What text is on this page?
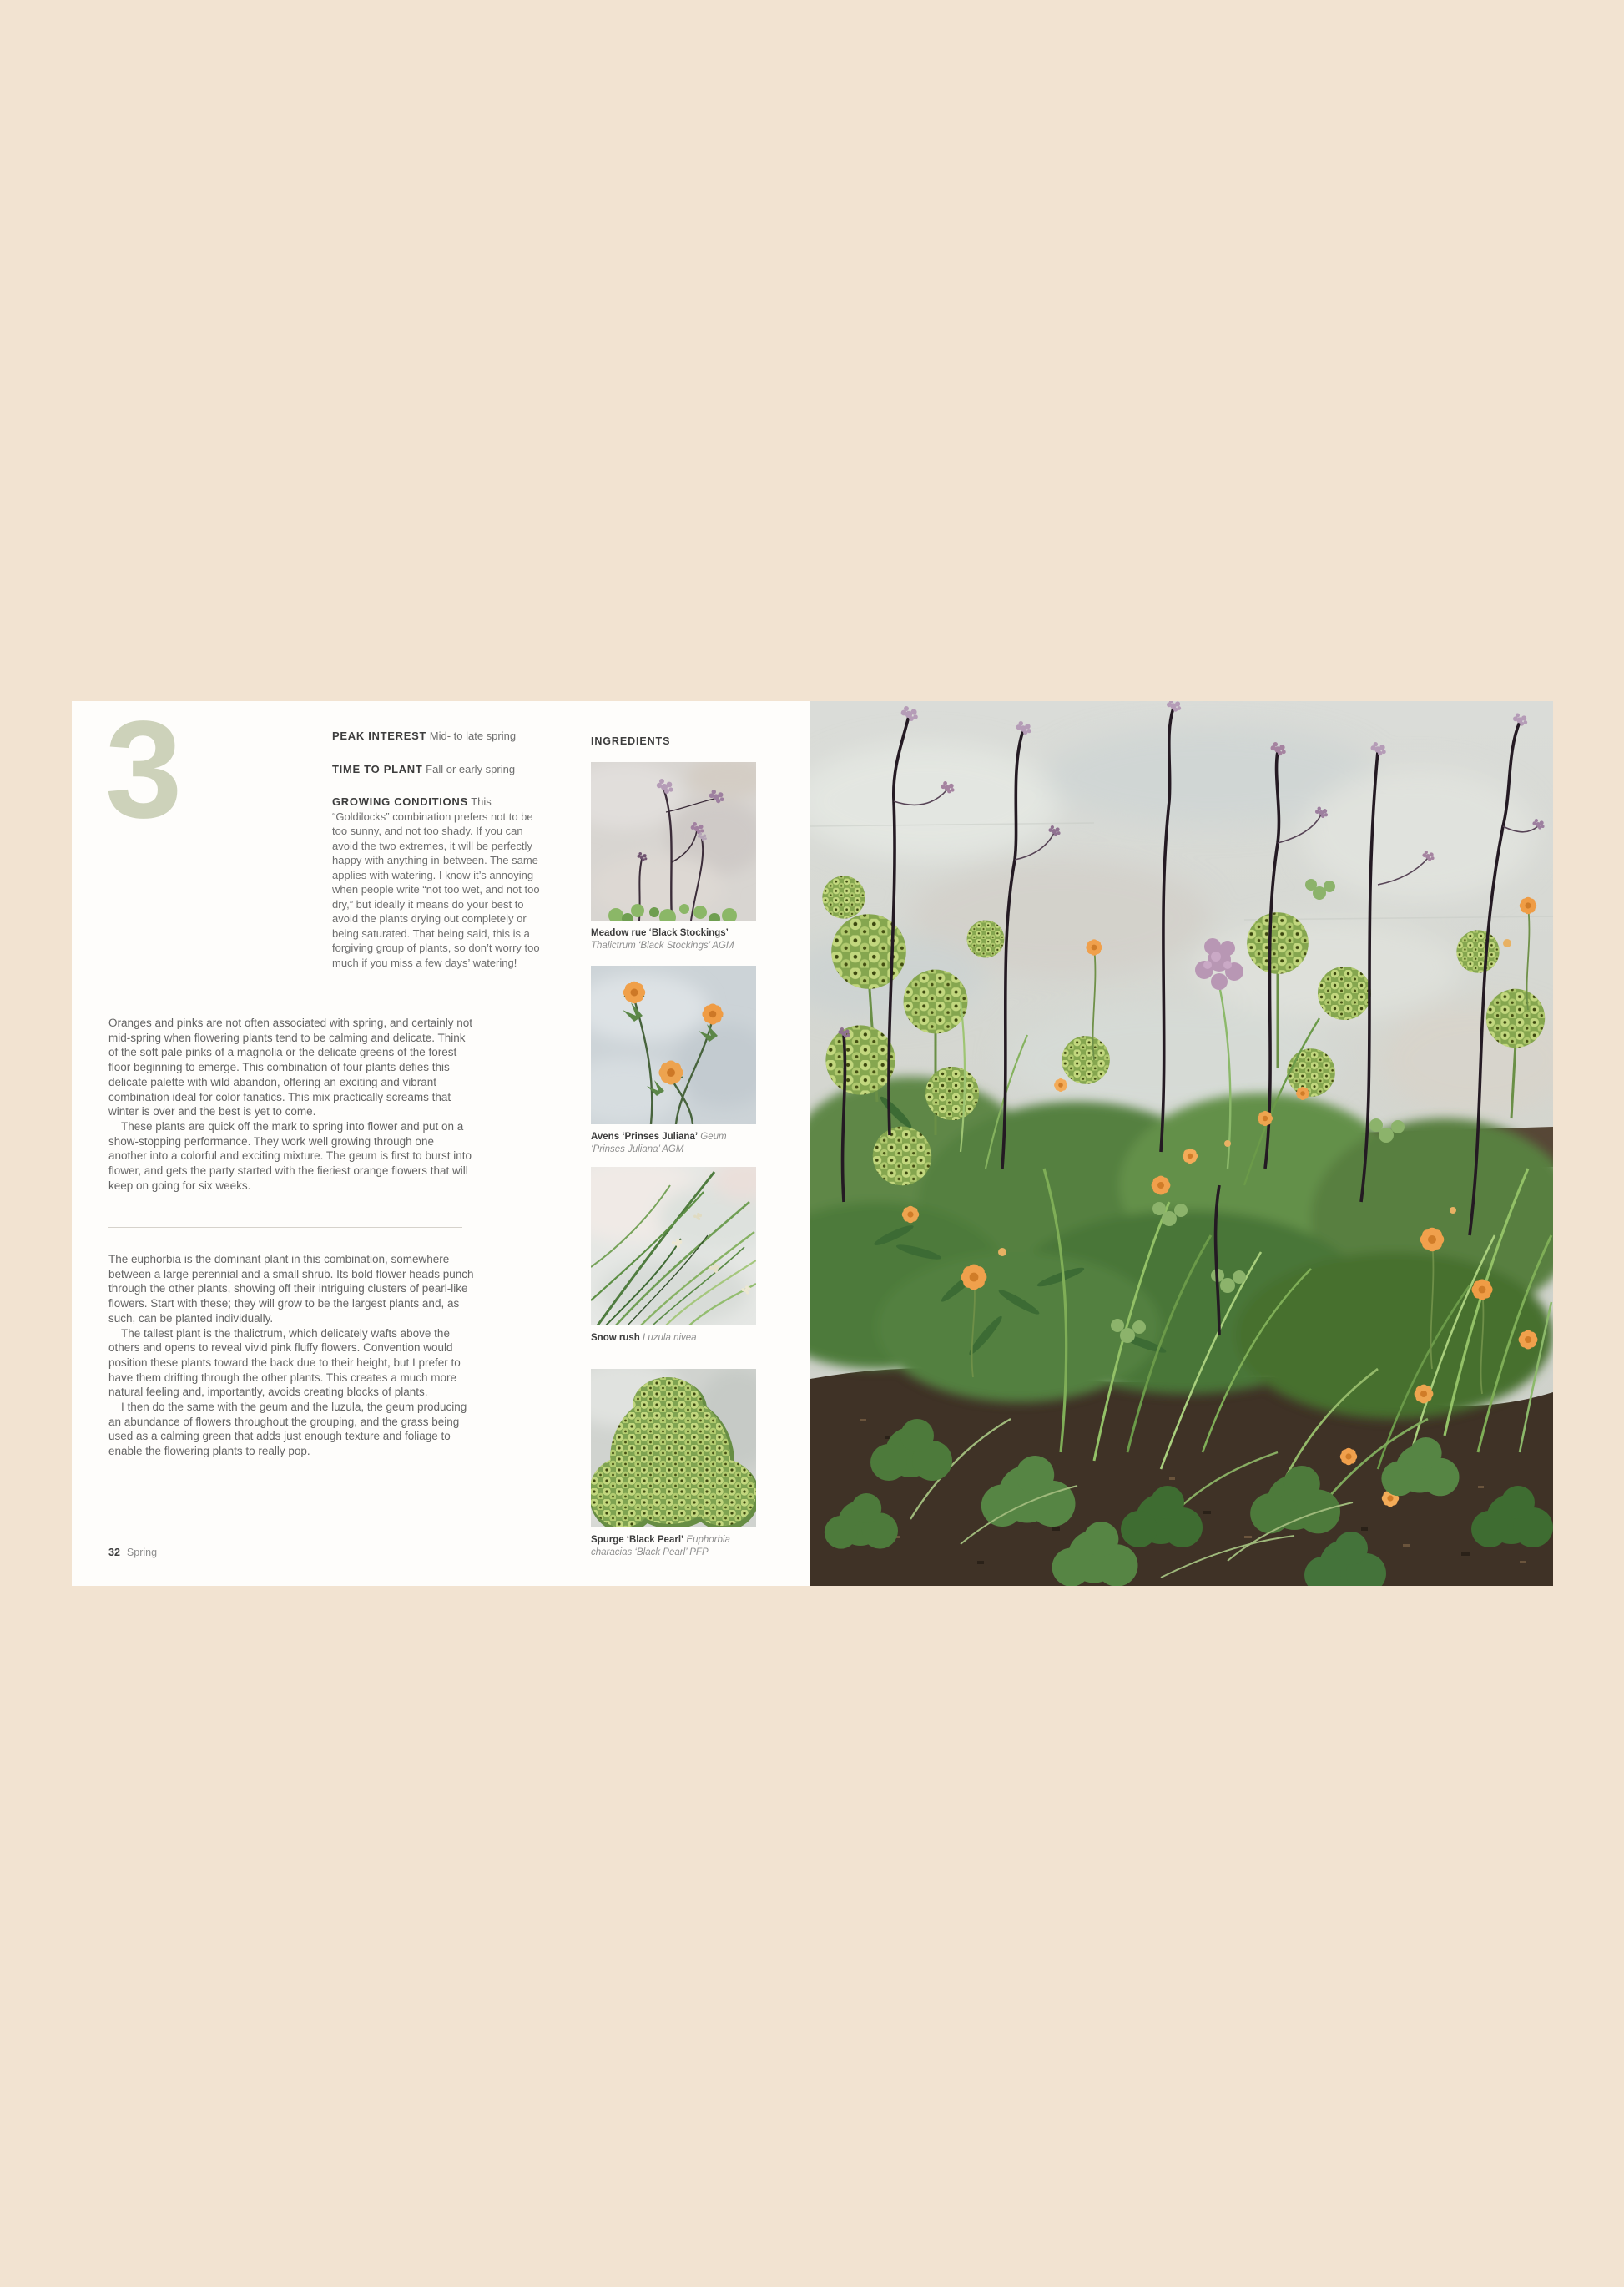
3	PEAK INTEREST Mid- to late spring

TIME TO PLANT Fall or early spring

GROWING CONDITIONS This “Goldilocks” combination prefers not to be too sunny, and not too shady. If you can avoid the two extremes, it will be perfectly happy with anything in-between. The same applies with watering. I know it’s annoying when people write “not too wet, and not too dry,” but ideally it means do your best to avoid the plants drying out completely or being saturated. That being said, this is a forgiving group of plants, so don’t worry too much if you miss a few days’ watering!

Oranges and pinks are not often associated with spring, and certainly not mid-spring when flowering plants tend to be calming and delicate. Think of the soft pale pinks of a magnolia or the delicate greens of the forest floor beginning to emerge. This combination of four plants defies this delicate palette with wild abandon, offering an exciting and vibrant combination ideal for color fanatics. This mix practically screams that winter is over and the best is yet to come.

These plants are quick off the mark to spring into flower and put on a show-stopping performance. They work well growing through one another into a colorful and exciting mixture. The geum is first to burst into flower, and gets the party started with the fieriest orange flowers that will keep on going for six weeks.

The euphorbia is the dominant plant in this combination, somewhere between a large perennial and a small shrub. Its bold flower heads punch through the other plants, showing off their intriguing clusters of pearl-like flowers. Start with these; they will grow to be the largest plants and, as such, can be planted individually.

The tallest plant is the thalictrum, which delicately wafts above the others and opens to reveal vivid pink fluffy flowers. Convention would position these plants toward the back due to their height, but I prefer to have them drifting through the other plants. This creates a much more natural feeling and, importantly, avoids creating blocks of plants.

I then do the same with the geum and the luzula, the geum producing an abundance of flowers throughout the grouping, and the grass being used as a calming green that adds just enough texture and foliage to enable the flowering plants to really pop.

32 Spring
INGREDIENTS

Meadow rue ‘Black Stockings’
Thalictrum ‘Black Stockings’ AGM

Avens ‘Prinses Juliana’ Geum ‘Prinses Juliana’ AGM

Snow rush Luzula nivea

Spurge ‘Black Pearl’ Euphorbia characias ‘Black Pearl’ PFP
